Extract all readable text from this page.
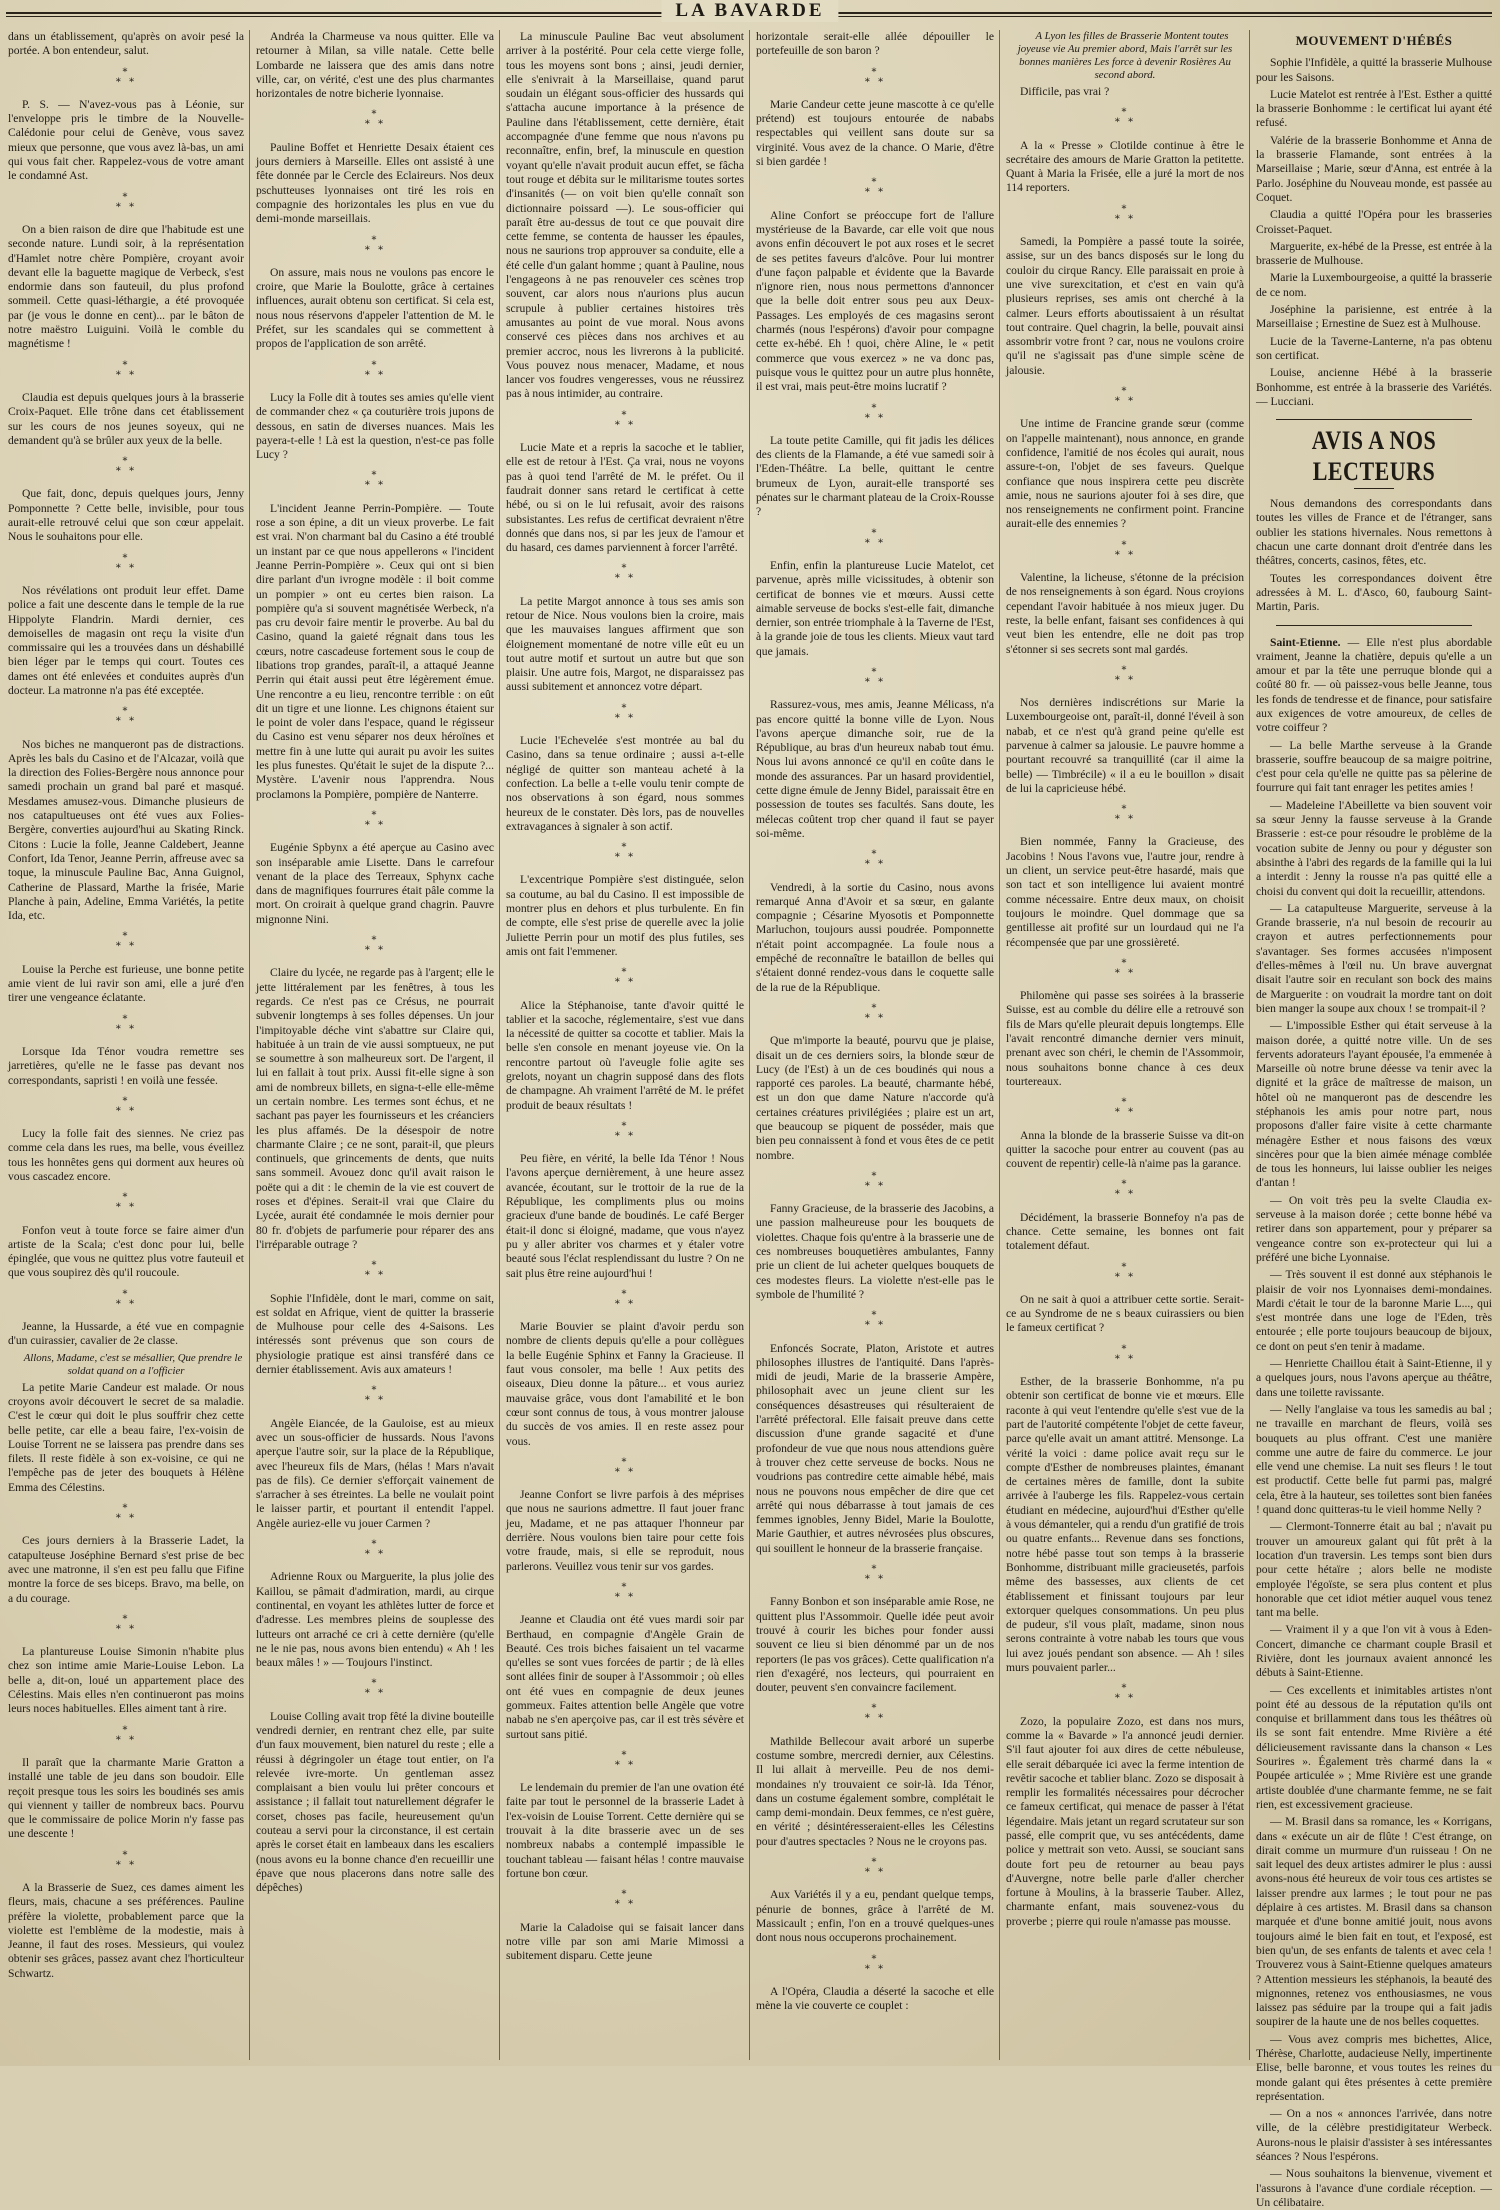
LA BAVARDE

dans un établissement, qu'après on avoir pesé la portée. A bon entendeur, salut.

∗
∗ ∗

P. S. — N'avez-vous pas à Léonie, sur l'enveloppe pris le timbre de la Nouvelle-Calédonie pour celui de Genève, vous savez mieux que personne, que vous avez là-bas, un ami qui vous fait cher. Rappelez-vous de votre amant le condamné Ast.

∗
∗ ∗

On a bien raison de dire que l'habitude est une seconde nature. Lundi soir, à la représentation d'Hamlet notre chère Pompière, croyant avoir devant elle la baguette magique de Verbeck, s'est endormie dans son fauteuil, du plus profond sommeil. Cette quasi-léthargie, a été provoquée par (je vous le donne en cent)... par le bâton de notre maëstro Luiguini. Voilà le comble du magnétisme !

∗
∗ ∗

Claudia est depuis quelques jours à la brasserie Croix-Paquet. Elle trône dans cet établissement sur les cours de nos jeunes soyeux, qui ne demandent qu'à se brûler aux yeux de la belle.

∗
∗ ∗

Que fait, donc, depuis quelques jours, Jenny Pomponnette ? Cette belle, invisible, pour tous aurait-elle retrouvé celui que son cœur appelait. Nous le souhaitons pour elle.

∗
∗ ∗

Nos révélations ont produit leur effet. Dame police a fait une descente dans le temple de la rue Hippolyte Flandrin. Mardi dernier, ces demoiselles de magasin ont reçu la visite d'un commissaire qui les a trouvées dans un déshabillé bien léger par le temps qui court. Toutes ces dames ont été enlevées et conduites auprès d'un docteur. La matronne n'a pas été exceptée.

∗
∗ ∗

Nos biches ne manqueront pas de distractions. Après les bals du Casino et de l'Alcazar, voilà que la direction des Folies-Bergère nous annonce pour samedi prochain un grand bal paré et masqué. Mesdames amusez-vous. Dimanche plusieurs de nos catapultueuses ont été vues aux Folies-Bergère, converties aujourd'hui au Skating Rinck. Citons : Lucie la folle, Jeanne Caldebert, Jeanne Confort, Ida Tenor, Jeanne Perrin, affreuse avec sa toque, la minuscule Pauline Bac, Anna Guignol, Catherine de Plassard, Marthe la frisée, Marie Planche à pain, Adeline, Emma Variétés, la petite Ida, etc.

∗
∗ ∗

Louise la Perche est furieuse, une bonne petite amie vient de lui ravir son ami, elle a juré d'en tirer une vengeance éclatante.

∗
∗ ∗

Lorsque Ida Ténor voudra remettre ses jarretières, qu'elle ne le fasse pas devant nos correspondants, sapristi ! en voilà une fessée.

∗
∗ ∗

Lucy la folle fait des siennes. Ne criez pas comme cela dans les rues, ma belle, vous éveillez tous les honnêtes gens qui dorment aux heures où vous cascadez encore.

∗
∗ ∗

Fonfon veut à toute force se faire aimer d'un artiste de la Scala; c'est donc pour lui, belle épinglée, que vous ne quittez plus votre fauteuil et que vous soupirez dès qu'il roucoule.

∗
∗ ∗

Jeanne, la Hussarde, a été vue en compagnie d'un cuirassier, cavalier de 2e classe.

Allons, Madame, c'est se mésallier, Que prendre le soldat quand on a l'officier

La petite Marie Candeur est malade. Or nous croyons avoir découvert le secret de sa maladie. C'est le cœur qui doit le plus souffrir chez cette belle petite, car elle a beau faire, l'ex-voisin de Louise Torrent ne se laissera pas prendre dans ses filets. Il reste fidèle à son ex-voisine, ce qui ne l'empêche pas de jeter des bouquets à Hélène Emma des Célestins.

∗
∗ ∗

Ces jours derniers à la Brasserie Ladet, la catapulteuse Joséphine Bernard s'est prise de bec avec une matronne, il s'en est peu fallu que Fifine montre la force de ses biceps. Bravo, ma belle, on a du courage.

∗
∗ ∗

La plantureuse Louise Simonin n'habite plus chez son intime amie Marie-Louise Lebon. La belle a, dit-on, loué un appartement place des Célestins. Mais elles n'en continueront pas moins leurs noces habituelles. Elles aiment tant à rire.

∗
∗ ∗

Il paraît que la charmante Marie Gratton a installé une table de jeu dans son boudoir. Elle reçoit presque tous les soirs les boudinés ses amis qui viennent y tailler de nombreux bacs. Pourvu que le commissaire de police Morin n'y fasse pas une descente !

∗
∗ ∗

A la Brasserie de Suez, ces dames aiment les fleurs, mais, chacune a ses préférences. Pauline préfère la violette, probablement parce que la violette est l'emblème de la modestie, mais à Jeanne, il faut des roses. Messieurs, qui voulez obtenir ses grâces, passez avant chez l'horticulteur Schwartz.

Andréa la Charmeuse va nous quitter. Elle va retourner à Milan, sa ville natale. Cette belle Lombarde ne laissera que des amis dans notre ville, car, on vérité, c'est une des plus charmantes horizontales de notre bicherie lyonnaise.

∗
∗ ∗

Pauline Boffet et Henriette Desaix étaient ces jours derniers à Marseille. Elles ont assisté à une fête donnée par le Cercle des Eclaireurs. Nos deux pschutteuses lyonnaises ont tiré les rois en compagnie des horizontales les plus en vue du demi-monde marseillais.

∗
∗ ∗

On assure, mais nous ne voulons pas encore le croire, que Marie la Boulotte, grâce à certaines influences, aurait obtenu son certificat. Si cela est, nous nous réservons d'appeler l'attention de M. le Préfet, sur les scandales qui se commettent à propos de l'application de son arrêté.

∗
∗ ∗

Lucy la Folle dit à toutes ses amies qu'elle vient de commander chez « ça couturière trois jupons de dessous, en satin de diverses nuances. Mais les payera-t-elle ! Là est la question, n'est-ce pas folle Lucy ?

∗
∗ ∗

L'incident Jeanne Perrin-Pompière. — Toute rose a son épine, a dit un vieux proverbe. Le fait est vrai. N'on charmant bal du Casino a été troublé un instant par ce que nous appellerons « l'incident Jeanne Perrin-Pompière ». Ceux qui ont si bien dire parlant d'un ivrogne modèle : il boit comme un pompier » ont eu certes bien raison. La pompière qu'a si souvent magnétisée Werbeck, n'a pas cru devoir faire mentir le proverbe. Au bal du Casino, quand la gaieté régnait dans tous les cœurs, notre cascadeuse fortement sous le coup de libations trop grandes, paraît-il, a attaqué Jeanne Perrin qui était aussi peut être légèrement émue. Une rencontre a eu lieu, rencontre terrible : on eût dit un tigre et une lionne. Les chignons étaient sur le point de voler dans l'espace, quand le régisseur du Casino est venu séparer nos deux héroïnes et mettre fin à une lutte qui aurait pu avoir les suites les plus funestes. Qu'était le sujet de la dispute ?... Mystère. L'avenir nous l'apprendra. Nous proclamons la Pompière, pompière de Nanterre.

∗
∗ ∗

Eugénie Spbynx a été aperçue au Casino avec son inséparable amie Lisette. Dans le carrefour venant de la place des Terreaux, Sphynx cache dans de magnifiques fourrures était pâle comme la mort. On croirait à quelque grand chagrin. Pauvre mignonne Nini.

∗
∗ ∗

Claire du lycée, ne regarde pas à l'argent; elle le jette littéralement par les fenêtres, à tous les regards. Ce n'est pas ce Crésus, ne pourrait subvenir longtemps à ses folles dépenses. Un jour l'impitoyable déche vint s'abattre sur Claire qui, habituée à un train de vie aussi somptueux, ne put se soumettre à son malheureux sort. De l'argent, il lui en fallait à tout prix. Aussi fit-elle signe à son ami de nombreux billets, en signa-t-elle elle-même un certain nombre. Les termes sont échus, et ne sachant pas payer les fournisseurs et les créanciers les plus affamés. De la désespoir de notre charmante Claire ; ce ne sont, parait-il, que pleurs continuels, que grincements de dents, que nuits sans sommeil. Avouez donc qu'il avait raison le poëte qui a dit : le chemin de la vie est couvert de roses et d'épines. Serait-il vrai que Claire du Lycée, aurait été condamnée le mois dernier pour 80 fr. d'objets de parfumerie pour réparer des ans l'irréparable outrage ?

∗
∗ ∗

Sophie l'Infidèle, dont le mari, comme on sait, est soldat en Afrique, vient de quitter la brasserie de Mulhouse pour celle des 4-Saisons. Les intéressés sont prévenus que son cours de physiologie pratique est ainsi transféré dans ce dernier établissement. Avis aux amateurs !

∗
∗ ∗

Angèle Eiancée, de la Gauloise, est au mieux avec un sous-officier de hussards. Nous l'avons aperçue l'autre soir, sur la place de la République, avec l'heureux fils de Mars, (hélas ! Mars n'avait pas de fils). Ce dernier s'efforçait vainement de s'arracher à ses étreintes. La belle ne voulait point le laisser partir, et pourtant il entendit l'appel. Angèle auriez-elle vu jouer Carmen ?

∗
∗ ∗

Adrienne Roux ou Marguerite, la plus jolie des Kaillou, se pâmait d'admiration, mardi, au cirque continental, en voyant les athlètes lutter de force et d'adresse. Les membres pleins de souplesse des lutteurs ont arraché ce cri à cette dernière (qu'elle ne le nie pas, nous avons bien entendu) « Ah ! les beaux mâles ! » — Toujours l'instinct.

∗
∗ ∗

Louise Colling avait trop fêté la divine bouteille vendredi dernier, en rentrant chez elle, par suite d'un faux mouvement, bien naturel du reste ; elle a réussi à dégringoler un étage tout entier, on l'a relevée ivre-morte. Un gentleman assez complaisant a bien voulu lui prêter concours et assistance ; il fallait tout naturellement dégrafer le corset, choses pas facile, heureusement qu'un couteau a servi pour la circonstance, il est certain après le corset était en lambeaux dans les escaliers (nous avons eu la bonne chance d'en recueillir une épave que nous placerons dans notre salle des dépêches)

La minuscule Pauline Bac veut absolument arriver à la postérité. Pour cela cette vierge folle, tous les moyens sont bons ; ainsi, jeudi dernier, elle s'enivrait à la Marseillaise, quand parut soudain un élégant sous-officier des hussards qui s'attacha aucune importance à la présence de Pauline dans l'établissement, cette dernière, était accompagnée d'une femme que nous n'avons pu reconnaître, enfin, bref, la minuscule en question voyant qu'elle n'avait produit aucun effet, se fâcha tout rouge et débita sur le militarisme toutes sortes d'insanités (— on voit bien qu'elle connaît son dictionnaire poissard —). Le sous-officier qui paraît être au-dessus de tout ce que pouvait dire cette femme, se contenta de hausser les épaules, nous ne saurions trop approuver sa conduite, elle a été celle d'un galant homme ; quant à Pauline, nous l'engageons à ne pas renouveler ces scènes trop souvent, car alors nous n'aurions plus aucun scrupule à publier certaines histoires très amusantes au point de vue moral. Nous avons conservé ces pièces dans nos archives et au premier accroc, nous les livrerons à la publicité. Vous pouvez nous menacer, Madame, et nous lancer vos foudres vengeresses, vous ne réussirez pas à nous intimider, au contraire.

∗
∗ ∗

Lucie Mate et a repris la sacoche et le tablier, elle est de retour à l'Est. Ça vrai, nous ne voyons pas à quoi tend l'arrêté de M. le préfet. Ou il faudrait donner sans retard le certificat à cette hébé, ou si on le lui refusait, avoir des raisons subsistantes. Les refus de certificat devraient n'être donnés que dans nos, si par les jeux de l'amour et du hasard, ces dames parviennent à forcer l'arrêté.

∗
∗ ∗

La petite Margot annonce à tous ses amis son retour de Nice. Nous voulons bien la croire, mais que les mauvaises langues affirment que son éloignement momentané de notre ville eût eu un tout autre motif et surtout un autre but que son plaisir. Une autre fois, Margot, ne disparaissez pas aussi subitement et annoncez votre départ.

∗
∗ ∗

Lucie l'Echevelée s'est montrée au bal du Casino, dans sa tenue ordinaire ; aussi a-t-elle négligé de quitter son manteau acheté à la confection. La belle a t-elle voulu tenir compte de nos observations à son égard, nous sommes heureux de le constater. Dès lors, pas de nouvelles extravagances à signaler à son actif.

∗
∗ ∗

L'excentrique Pompière s'est distinguée, selon sa coutume, au bal du Casino. Il est impossible de montrer plus en dehors et plus turbulente. En fin de compte, elle s'est prise de querelle avec la jolie Juliette Perrin pour un motif des plus futiles, ses amis ont fait l'emmener.

∗
∗ ∗

Alice la Stéphanoise, tante d'avoir quitté le tablier et la sacoche, réglementaire, s'est vue dans la nécessité de quitter sa cocotte et tablier. Mais la belle s'en console en menant joyeuse vie. On la rencontre partout où l'aveugle folie agite ses grelots, noyant un chagrin supposé dans des flots de champagne. Ah vraiment l'arrêté de M. le préfet produit de beaux résultats !

∗
∗ ∗

Peu fière, en vérité, la belle Ida Ténor ! Nous l'avons aperçue dernièrement, à une heure assez avancée, écoutant, sur le trottoir de la rue de la République, les compliments plus ou moins gracieux d'une bande de boudinés. Le café Berger était-il donc si éloigné, madame, que vous n'ayez pu y aller abriter vos charmes et y étaler votre beauté sous l'éclat resplendissant du lustre ? On ne sait plus être reine aujourd'hui !

∗
∗ ∗

Marie Bouvier se plaint d'avoir perdu son nombre de clients depuis qu'elle a pour collègues la belle Eugénie Sphinx et Fanny la Gracieuse. Il faut vous consoler, ma belle ! Aux petits des oiseaux, Dieu donne la pâture... et vous auriez mauvaise grâce, vous dont l'amabilité et le bon cœur sont connus de tous, à vous montrer jalouse du succès de vos amies. Il en reste assez pour vous.

∗
∗ ∗

Jeanne Confort se livre parfois à des méprises que nous ne saurions admettre. Il faut jouer franc jeu, Madame, et ne pas attaquer l'honneur par derrière. Nous voulons bien taire pour cette fois votre fraude, mais, si elle se reproduit, nous parlerons. Veuillez vous tenir sur vos gardes.

∗
∗ ∗

Jeanne et Claudia ont été vues mardi soir par Berthaud, en compagnie d'Angèle Grain de Beauté. Ces trois biches faisaient un tel vacarme qu'elles se sont vues forcées de partir ; de là elles sont allées finir de souper à l'Assommoir ; où elles ont été vues en compagnie de deux jeunes gommeux. Faites attention belle Angèle que votre nabab ne s'en aperçoive pas, car il est très sévère et surtout sans pitié.

∗
∗ ∗

Le lendemain du premier de l'an une ovation été faite par tout le personnel de la brasserie Ladet à l'ex-voisin de Louise Torrent. Cette dernière qui se trouvait à la dite brasserie avec un de ses nombreux nababs a contemplé impassible le touchant tableau — faisant hélas ! contre mauvaise fortune bon cœur.

∗
∗ ∗

Marie la Caladoise qui se faisait lancer dans notre ville par son ami Marie Mimossi a subitement disparu. Cette jeune

horizontale serait-elle allée dépouiller le portefeuille de son baron ?

∗
∗ ∗

Marie Candeur cette jeune mascotte à ce qu'elle prétend) est toujours entourée de nababs respectables qui veillent sans doute sur sa virginité. Vous avez de la chance. O Marie, d'être si bien gardée !

∗
∗ ∗

Aline Confort se préoccupe fort de l'allure mystérieuse de la Bavarde, car elle voit que nous avons enfin découvert le pot aux roses et le secret de ses petites faveurs d'alcôve. Pour lui montrer d'une façon palpable et évidente que la Bavarde n'ignore rien, nous nous permettons d'annoncer que la belle doit entrer sous peu aux Deux-Passages. Les employés de ces magasins seront charmés (nous l'espérons) d'avoir pour compagne cette ex-hébé. Eh ! quoi, chère Aline, le « petit commerce que vous exercez » ne va donc pas, puisque vous le quittez pour un autre plus honnête, il est vrai, mais peut-être moins lucratif ?

∗
∗ ∗

La toute petite Camille, qui fit jadis les délices des clients de la Flamande, a été vue samedi soir à l'Eden-Théâtre. La belle, quittant le centre brumeux de Lyon, aurait-elle transporté ses pénates sur le charmant plateau de la Croix-Rousse ?

∗
∗ ∗

Enfin, enfin la plantureuse Lucie Matelot, cet parvenue, après mille vicissitudes, à obtenir son certificat de bonnes vie et mœurs. Aussi cette aimable serveuse de bocks s'est-elle fait, dimanche dernier, son entrée triomphale à la Taverne de l'Est, à la grande joie de tous les clients. Mieux vaut tard que jamais.

∗
∗ ∗

Rassurez-vous, mes amis, Jeanne Mélicass, n'a pas encore quitté la bonne ville de Lyon. Nous l'avons aperçue dimanche soir, rue de la République, au bras d'un heureux nabab tout ému. Nous lui avons annoncé ce qu'il en coûte dans le monde des assurances. Par un hasard providentiel, cette digne émule de Jenny Bidel, paraissait être en possession de toutes ses facultés. Sans doute, les mélecas coûtent trop cher quand il faut se payer soi-même.

∗
∗ ∗

Vendredi, à la sortie du Casino, nous avons remarqué Anna d'Avoir et sa sœur, en galante compagnie ; Césarine Myosotis et Pomponnette Marluchon, toujours aussi poudrée. Pomponnette n'était point accompagnée. La foule nous a empêché de reconnaître le bataillon de belles qui s'étaient donné rendez-vous dans le coquette salle de la rue de la République.

∗
∗ ∗

Que m'importe la beauté, pourvu que je plaise, disait un de ces derniers soirs, la blonde sœur de Lucy (de l'Est) à un de ces boudinés qui nous a rapporté ces paroles. La beauté, charmante hébé, est un don que dame Nature n'accorde qu'à certaines créatures privilégiées ; plaire est un art, que beaucoup se piquent de posséder, mais que bien peu connaissent à fond et vous êtes de ce petit nombre.

∗
∗ ∗

Fanny Gracieuse, de la brasserie des Jacobins, a une passion malheureuse pour les bouquets de violettes. Chaque fois qu'entre à la brasserie une de ces nombreuses bouquetières ambulantes, Fanny prie un client de lui acheter quelques bouquets de ces modestes fleurs. La violette n'est-elle pas le symbole de l'humilité ?

∗
∗ ∗

Enfoncés Socrate, Platon, Aristote et autres philosophes illustres de l'antiquité. Dans l'après-midi de jeudi, Marie de la brasserie Ampère, philosophait avec un jeune client sur les conséquences désastreuses qui résulteraient de l'arrêté préfectoral. Elle faisait preuve dans cette discussion d'une grande sagacité et d'une profondeur de vue que nous nous attendions guère à trouver chez cette serveuse de bocks. Nous ne voudrions pas contredire cette aimable hébé, mais nous ne pouvons nous empêcher de dire que cet arrêté qui nous débarrasse à tout jamais de ces femmes ignobles, Jenny Bidel, Marie la Boulotte, Marie Gauthier, et autres névrosées plus obscures, qui souillent le honneur de la brasserie française.

∗
∗ ∗

Fanny Bonbon et son inséparable amie Rose, ne quittent plus l'Assommoir. Quelle idée peut avoir trouvé à courir les biches pour fonder aussi souvent ce lieu si bien dénommé par un de nos reporters (le pas vos grâces). Cette qualification n'a rien d'exagéré, nos lecteurs, qui pourraient en douter, peuvent s'en convaincre facilement.

∗
∗ ∗

Mathilde Bellecour avait arboré un superbe costume sombre, mercredi dernier, aux Célestins. Il lui allait à merveille. Peu de nos demi-mondaines n'y trouvaient ce soir-là. Ida Ténor, dans un costume également sombre, complétait le camp demi-mondain. Deux femmes, ce n'est guère, en vérité ; désintéresseraient-elles les Célestins pour d'autres spectacles ? Nous ne le croyons pas.

∗
∗ ∗

Aux Variétés il y a eu, pendant quelque temps, pénurie de bonnes, grâce à l'arrêté de M. Massicault ; enfin, l'on en a trouvé quelques-unes dont nous nous occuperons prochainement.

∗
∗ ∗

A l'Opéra, Claudia a déserté la sacoche et elle mène la vie couverte ce couplet :

A Lyon les filles de Brasserie Montent toutes joyeuse vie Au premier abord, Mais l'arrêt sur les bonnes manières Les force à devenir Rosières Au second abord.

Difficile, pas vrai ?

∗
∗ ∗

A la « Presse » Clotilde continue à être le secrétaire des amours de Marie Gratton la petitette. Quant à Maria la Frisée, elle a juré la mort de nos 114 reporters.

∗
∗ ∗

Samedi, la Pompière a passé toute la soirée, assise, sur un des bancs disposés sur le long du couloir du cirque Rancy. Elle paraissait en proie à une vive surexcitation, et c'est en vain qu'à plusieurs reprises, ses amis ont cherché à la calmer. Leurs efforts aboutissaient à un résultat tout contraire. Quel chagrin, la belle, pouvait ainsi assombrir votre front ? car, nous ne voulons croire qu'il ne s'agissait pas d'une simple scène de jalousie.

∗
∗ ∗

Une intime de Francine grande sœur (comme on l'appelle maintenant), nous annonce, en grande confidence, l'amitié de nos écoles qui aurait, nous assure-t-on, l'objet de ses faveurs. Quelque confiance que nous inspirera cette peu discrète amie, nous ne saurions ajouter foi à ses dire, que nos renseignements ne confirment point. Francine aurait-elle des ennemies ?

∗
∗ ∗

Valentine, la licheuse, s'étonne de la précision de nos renseignements à son égard. Nous croyions cependant l'avoir habituée à nos mieux juger. Du reste, la belle enfant, faisant ses confidences à qui veut bien les entendre, elle ne doit pas trop s'étonner si ses secrets sont mal gardés.

∗
∗ ∗

Nos dernières indiscrétions sur Marie la Luxembourgeoise ont, paraît-il, donné l'éveil à son nabab, et ce n'est qu'à grand peine qu'elle est parvenue à calmer sa jalousie. Le pauvre homme a pourtant recouvré sa tranquillité (car il aime la belle) — Timbrécile) « il a eu le bouillon » disait de lui la capricieuse hébé.

∗
∗ ∗

Bien nommée, Fanny la Gracieuse, des Jacobins ! Nous l'avons vue, l'autre jour, rendre à un client, un service peut-être hasardé, mais que son tact et son intelligence lui avaient montré comme nécessaire. Entre deux maux, on choisit toujours le moindre. Quel dommage que sa gentillesse ait profité sur un lourdaud qui ne l'a récompensée que par une grossièreté.

∗
∗ ∗

Philomène qui passe ses soirées à la brasserie Suisse, est au comble du délire elle a retrouvé son fils de Mars qu'elle pleurait depuis longtemps. Elle l'avait rencontré dimanche dernier vers minuit, prenant avec son chéri, le chemin de l'Assommoir, nous souhaitons bonne chance à ces deux tourtereaux.

∗
∗ ∗

Anna la blonde de la brasserie Suisse va dit-on quitter la sacoche pour entrer au couvent (pas au couvent de repentir) celle-là n'aime pas la garance.

∗
∗ ∗

Décidément, la brasserie Bonnefoy n'a pas de chance. Cette semaine, les bonnes ont fait totalement défaut.

∗
∗ ∗

On ne sait à quoi a attribuer cette sortie. Serait-ce au Syndrome de ne s beaux cuirassiers ou bien le fameux certificat ?

∗
∗ ∗

Esther, de la brasserie Bonhomme, n'a pu obtenir son certificat de bonne vie et mœurs. Elle raconte à qui veut l'entendre qu'elle s'est vue de la part de l'autorité compétente l'objet de cette faveur, parce qu'elle avait un amant attitré. Mensonge. La vérité la voici : dame police avait reçu sur le compte d'Esther de nombreuses plaintes, émanant de certaines mères de famille, dont la subite arrivée à l'auberge les fils. Rappelez-vous certain étudiant en médecine, aujourd'hui d'Esther qu'elle à vous démanteler, qui a rendu d'un gratifié de trois ou quatre enfants... Revenue dans ses fonctions, notre hébé passe tout son temps à la brasserie Bonhomme, distribuant mille gracieusetés, parfois même des bassesses, aux clients de cet établissement et finissant toujours par leur extorquer quelques consommations. Un peu plus de pudeur, s'il vous plaît, madame, sinon nous serons contrainte à votre nabab les tours que vous lui avez joués pendant son absence. — Ah ! siles murs pouvaient parler...

∗
∗ ∗

Zozo, la populaire Zozo, est dans nos murs, comme la « Bavarde » l'a annoncé jeudi dernier. S'il faut ajouter foi aux dires de cette nébuleuse, elle serait débarquée ici avec la ferme intention de revêtir sacoche et tablier blanc. Zozo se disposait à remplir les formalités nécessaires pour décrocher ce fameux certificat, qui menace de passer à l'état légendaire. Mais jetant un regard scrutateur sur son passé, elle comprit que, vu ses antécédents, dame police y mettrait son veto. Aussi, se souciant sans doute fort peu de retourner au beau pays d'Auvergne, notre belle parle d'aller chercher fortune à Moulins, à la brasserie Tauber. Allez, charmante enfant, mais souvenez-vous du proverbe ; pierre qui roule n'amasse pas mousse.

MOUVEMENT D'HÉBÉS

Sophie l'Infidèle, a quitté la brasserie Mulhouse pour les Saisons.

Lucie Matelot est rentrée à l'Est. Esther a quitté la brasserie Bonhomme : le certificat lui ayant été refusé.

Valérie de la brasserie Bonhomme et Anna de la brasserie Flamande, sont entrées à la Marseillaise ; Marie, sœur d'Anna, est entrée à la Parlo. Joséphine du Nouveau monde, est passée au Coquet.

Claudia a quitté l'Opéra pour les brasseries Croisset-Paquet.

Marguerite, ex-hébé de la Presse, est entrée à la brasserie de Mulhouse.

Marie la Luxembourgeoise, a quitté la brasserie de ce nom.

Joséphine la parisienne, est entrée à la Marseillaise ; Ernestine de Suez est à Mulhouse.

Lucie de la Taverne-Lanterne, n'a pas obtenu son certificat.

Louise, ancienne Hébé à la brasserie Bonhomme, est entrée à la brasserie des Variétés. — Lucciani.

AVIS A NOS LECTEURS

Nous demandons des correspondants dans toutes les villes de France et de l'étranger, sans oublier les stations hivernales. Nous remettons à chacun une carte donnant droit d'entrée dans les théâtres, concerts, casinos, fêtes, etc.

Toutes les correspondances doivent être adressées à M. L. d'Asco, 60, faubourg Saint-Martin, Paris.

Saint-Etienne. — Elle n'est plus abordable vraiment, Jeanne la chatière, depuis qu'elle a un amour et par la tête une perruque blonde qui a coûté 80 fr. — où paissez-vous belle Jeanne, tous les fonds de tendresse et de finance, pour satisfaire aux exigences de votre amoureux, de celles de votre coiffeur ?

— La belle Marthe serveuse à la Grande brasserie, souffre beaucoup de sa maigre poitrine, c'est pour cela qu'elle ne quitte pas sa pèlerine de fourrure qui fait tant enrager les petites amies !

— Madeleine l'Abeillette va bien souvent voir sa sœur Jenny la fausse serveuse à la Grande Brasserie : est-ce pour résoudre le problème de la vocation subite de Jenny ou pour y déguster son absinthe à l'abri des regards de la famille qui la lui a interdit : Jenny la rousse n'a pas quitté elle a choisi du convent qui doit la recueillir, attendons.

— La catapulteuse Marguerite, serveuse à la Grande brasserie, n'a nul besoin de recourir au crayon et autres perfectionnements pour s'avantager. Ses formes accusées n'imposent d'elles-mêmes à l'œil nu. Un brave auvergnat disait l'autre soir en reculant son bock des mains de Marguerite : on voudrait la mordre tant on doit bien manger la soupe aux choux ! se trompait-il ?

— L'impossible Esther qui était serveuse à la maison dorée, a quitté notre ville. Un de ses fervents adorateurs l'ayant épousée, l'a emmenée à Marseille où notre brune déesse va tenir avec la dignité et la grâce de maîtresse de maison, un hôtel où ne manqueront pas de descendre les stéphanois les amis pour notre part, nous proposons d'aller faire visite à cette charmante ménagère Esther et nous faisons des vœux sincères pour que la bien aimée ménage comblée de tous les honneurs, lui laisse oublier les neiges d'antan !

— On voit très peu la svelte Claudia ex-serveuse à la maison dorée ; cette bonne hébé va retirer dans son appartement, pour y préparer sa vengeance contre son ex-protecteur qui lui a préféré une biche Lyonnaise.

— Très souvent il est donné aux stéphanois le plaisir de voir nos Lyonnaises demi-mondaines. Mardi c'était le tour de la baronne Marie L..., qui s'est montrée dans une loge de l'Eden, très entourée ; elle porte toujours beaucoup de bijoux, ce dont on peut s'en tenir à madame.

— Henriette Chaillou était à Saint-Etienne, il y a quelques jours, nous l'avons aperçue au théâtre, dans une toilette ravissante.

— Nelly l'anglaise va tous les samedis au bal ; ne travaille en marchant de fleurs, voilà ses bouquets au plus offrant. C'est une manière comme une autre de faire du commerce. Le jour elle vend une chemise. La nuit ses fleurs ! le tout est productif. Cette belle fut parmi pas, malgré cela, être à la hauteur, ses toilettes sont bien fanées ! quand donc quitteras-tu le vieil homme Nelly ?

— Clermont-Tonnerre était au bal ; n'avait pu trouver un amoureux galant qui fût prêt à la location d'un traversin. Les temps sont bien durs pour cette hétaïre ; alors belle ne modiste employée l'égoïste, se sera plus content et plus honorable que cet idiot métier auquel vous tenez tant ma belle.

— Vraiment il y a que l'on vit à vous à Eden-Concert, dimanche ce charmant couple Brasil et Rivière, dont les journaux avaient annoncé les débuts à Saint-Etienne.

— Ces excellents et inimitables artistes n'ont point été au dessous de la réputation qu'ils ont conquise et brillamment dans tous les théâtres où ils se sont fait entendre. Mme Rivière a été délicieusement ravissante dans la chanson « Les Sourires ». Également très charmé dans la « Poupée articulée » ; Mme Rivière est une grande artiste doublée d'une charmante femme, ne se fait rien, est excessivement gracieuse.

— M. Brasil dans sa romance, les « Korrigans, dans « exécute un air de flûte ! C'est étrange, on dirait comme un murmure d'un ruisseau ! On ne sait lequel des deux artistes admirer le plus : aussi avons-nous été heureux de voir tous ces artistes se laisser prendre aux larmes ; le tout pour ne pas déplaire à ces artistes. M. Brasil dans sa chanson marquée et d'une bonne amitié jouit, nous avons toujours aimé le bien fait en tout, et l'exposé, est bien qu'un, de ses enfants de talents et avec cela ! Trouverez vous à Saint-Etienne quelques amateurs ? Attention messieurs les stéphanois, la beauté des mignonnes, retenez vos enthousiasmes, ne vous laissez pas séduire par la troupe qui a fait jadis soupirer de la haute une de nos belles coquettes.

— Vous avez compris mes bichettes, Alice, Thérèse, Charlotte, audacieuse Nelly, impertinente Elise, belle baronne, et vous toutes les reines du monde galant qui êtes présentes à cette première représentation.

— On a nos « annonces l'arrivée, dans notre ville, de la célèbre prestidigitateur Werbeck. Aurons-nous le plaisir d'assister à ses intéressantes séances ? Nous l'espérons.

— Nous souhaitons la bienvenue, vivement et l'assurons à l'avance d'une cordiale réception. — Un célibataire.
